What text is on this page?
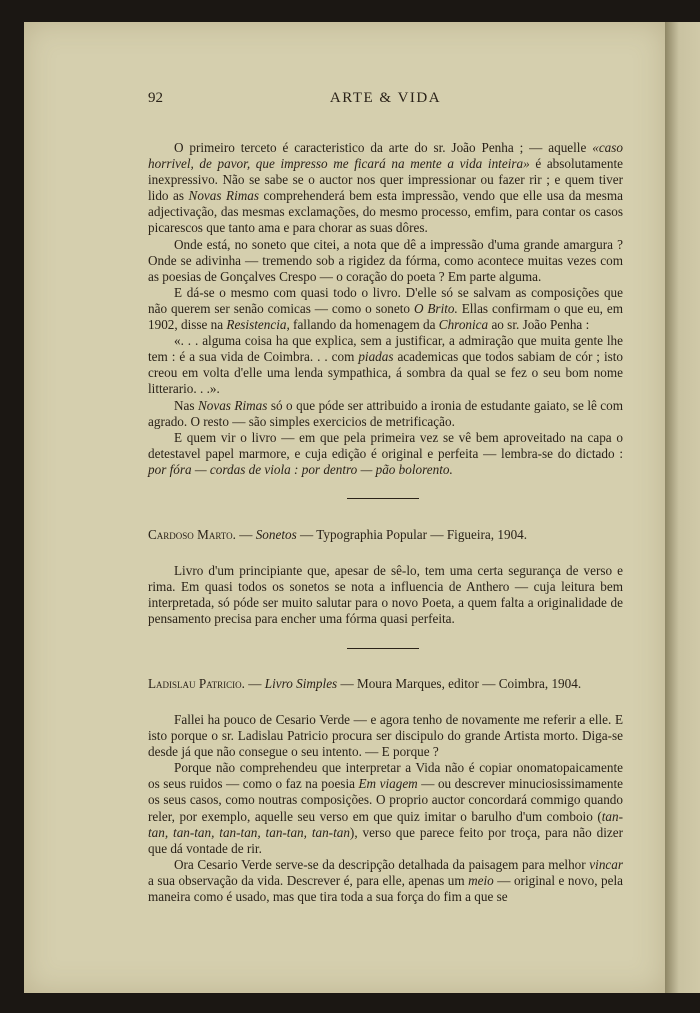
92	ARTE & VIDA

O primeiro terceto é caracteristico da arte do sr. João Penha ; — aquelle «caso horrivel, de pavor, que impresso me ficará na mente a vida inteira» é absolutamente inexpressivo. Não se sabe se o auctor nos quer impressionar ou fazer rir ; e quem tiver lido as Novas Rimas comprehenderá bem esta impressão, vendo que elle usa da mesma adjectivação, das mesmas exclamações, do mesmo processo, emfim, para contar os casos picarescos que tanto ama e para chorar as suas dôres.

Onde está, no soneto que citei, a nota que dê a impressão d'uma grande amargura ? Onde se adivinha — tremendo sob a rigidez da fórma, como acontece muitas vezes com as poesias de Gonçalves Crespo — o coração do poeta ? Em parte alguma.

E dá-se o mesmo com quasi todo o livro. D'elle só se salvam as composições que não querem ser senão comicas — como o soneto O Brito. Ellas confirmam o que eu, em 1902, disse na Resistencia, fallando da homenagem da Chronica ao sr. João Penha :

«. . . alguma coisa ha que explica, sem a justificar, a admiração que muita gente lhe tem : é a sua vida de Coimbra. . . com piadas academicas que todos sabiam de cór ; isto creou em volta d'elle uma lenda sympathica, á sombra da qual se fez o seu bom nome litterario. . .».

Nas Novas Rimas só o que póde ser attribuido a ironia de estudante gaiato, se lê com agrado. O resto — são simples exercicios de metrificação.

E quem vir o livro — em que pela primeira vez se vê bem aproveitado na capa o detestavel papel marmore, e cuja edição é original e perfeita — lembra-se do dictado : por fóra — cordas de viola : por dentro — pão bolorento.

Cardoso Marto. — Sonetos — Typographia Popular — Figueira, 1904.

Livro d'um principiante que, apesar de sê-lo, tem uma certa segurança de verso e rima. Em quasi todos os sonetos se nota a influencia de Anthero — cuja leitura bem interpretada, só póde ser muito salutar para o novo Poeta, a quem falta a originalidade de pensamento precisa para encher uma fórma quasi perfeita.

Ladislau Patricio. — Livro Simples — Moura Marques, editor — Coimbra, 1904.

Fallei ha pouco de Cesario Verde — e agora tenho de novamente me referir a elle. E isto porque o sr. Ladislau Patricio procura ser discipulo do grande Artista morto. Diga-se desde já que não consegue o seu intento. — E porque ?

Porque não comprehendeu que interpretar a Vida não é copiar onomatopaicamente os seus ruidos — como o faz na poesia Em viagem — ou descrever minuciosissimamente os seus casos, como noutras composições. O proprio auctor concordará commigo quando reler, por exemplo, aquelle seu verso em que quiz imitar o barulho d'um comboio (tan-tan, tan-tan, tan-tan, tan-tan, tan-tan), verso que parece feito por troça, para não dizer que dá vontade de rir.

Ora Cesario Verde serve-se da descripção detalhada da paisagem para melhor vincar a sua observação da vida. Descrever é, para elle, apenas um meio — original e novo, pela maneira como é usado, mas que tira toda a sua força do fim a que se
